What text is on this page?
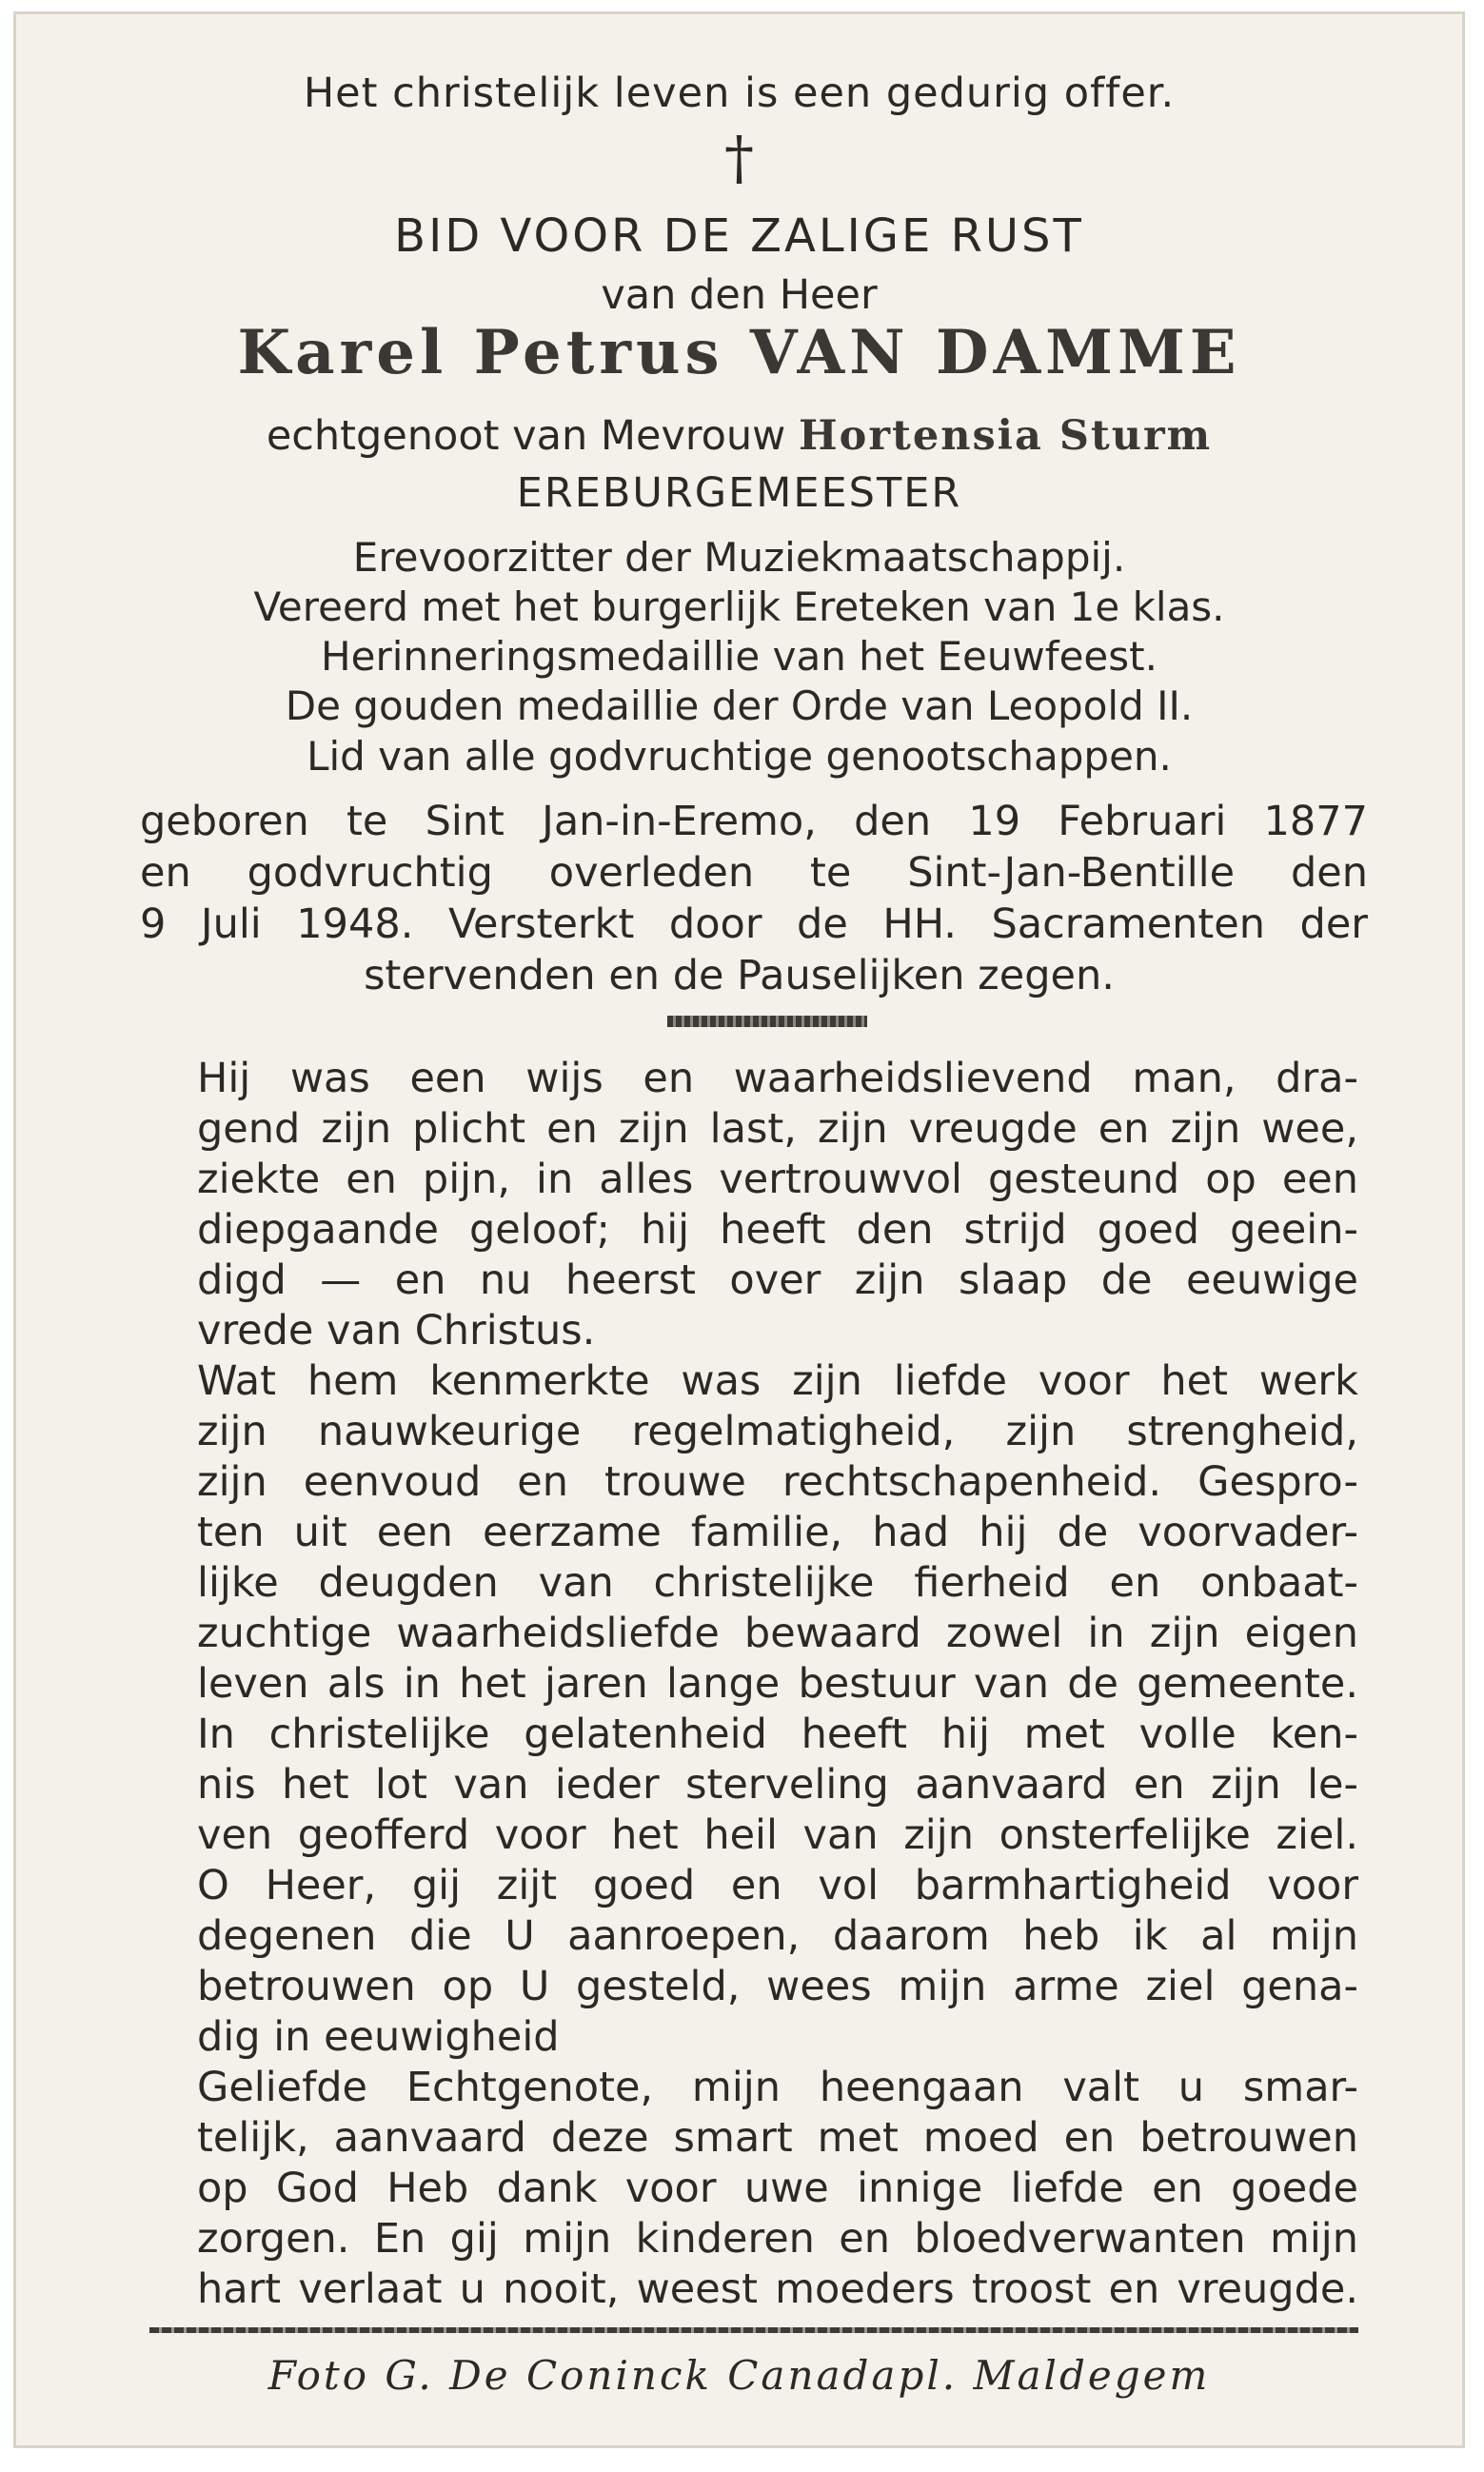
Het christelijk leven is een gedurig offer.
†
BID VOOR DE ZALIGE RUST
van den Heer
Karel Petrus VAN DAMME
echtgenoot van Mevrouw Hortensia Sturm
EREBURGEMEESTER
Erevoorzitter der Muziekmaatschappij.
Vereerd met het burgerlijk Ereteken van 1e klas.
Herinneringsmedaillie van het Eeuwfeest.
De gouden medaillie der Orde van Leopold II.
Lid van alle godvruchtige genootschappen.
geboren te Sint Jan-in-Eremo, den 19 Februari 1877
en godvruchtig overleden te Sint-Jan-Bentille den
9 Juli 1948. Versterkt door de HH. Sacramenten der
stervenden en de Pauselijken zegen.
Hij was een wijs en waarheidslievend man, dra-
gend zijn plicht en zijn last, zijn vreugde en zijn wee,
ziekte en pijn, in alles vertrouwvol gesteund op een
diepgaande geloof; hij heeft den strijd goed geein-
digd — en nu heerst over zijn slaap de eeuwige
vrede van Christus.
Wat hem kenmerkte was zijn liefde voor het werk
zijn nauwkeurige regelmatigheid, zijn strengheid,
zijn eenvoud en trouwe rechtschapenheid. Gespro-
ten uit een eerzame familie, had hij de voorvader-
lijke deugden van christelijke fierheid en onbaat-
zuchtige waarheidsliefde bewaard zowel in zijn eigen
leven als in het jaren lange bestuur van de gemeente.
In christelijke gelatenheid heeft hij met volle ken-
nis het lot van ieder sterveling aanvaard en zijn le-
ven geofferd voor het heil van zijn onsterfelijke ziel.
O Heer, gij zijt goed en vol barmhartigheid voor
degenen die U aanroepen, daarom heb ik al mijn
betrouwen op U gesteld, wees mijn arme ziel gena-
dig in eeuwigheid
Geliefde Echtgenote, mijn heengaan valt u smar-
telijk, aanvaard deze smart met moed en betrouwen
op God Heb dank voor uwe innige liefde en goede
zorgen. En gij mijn kinderen en bloedverwanten mijn
hart verlaat u nooit, weest moeders troost en vreugde.
Foto G. De Coninck Canadapl. Maldegem
